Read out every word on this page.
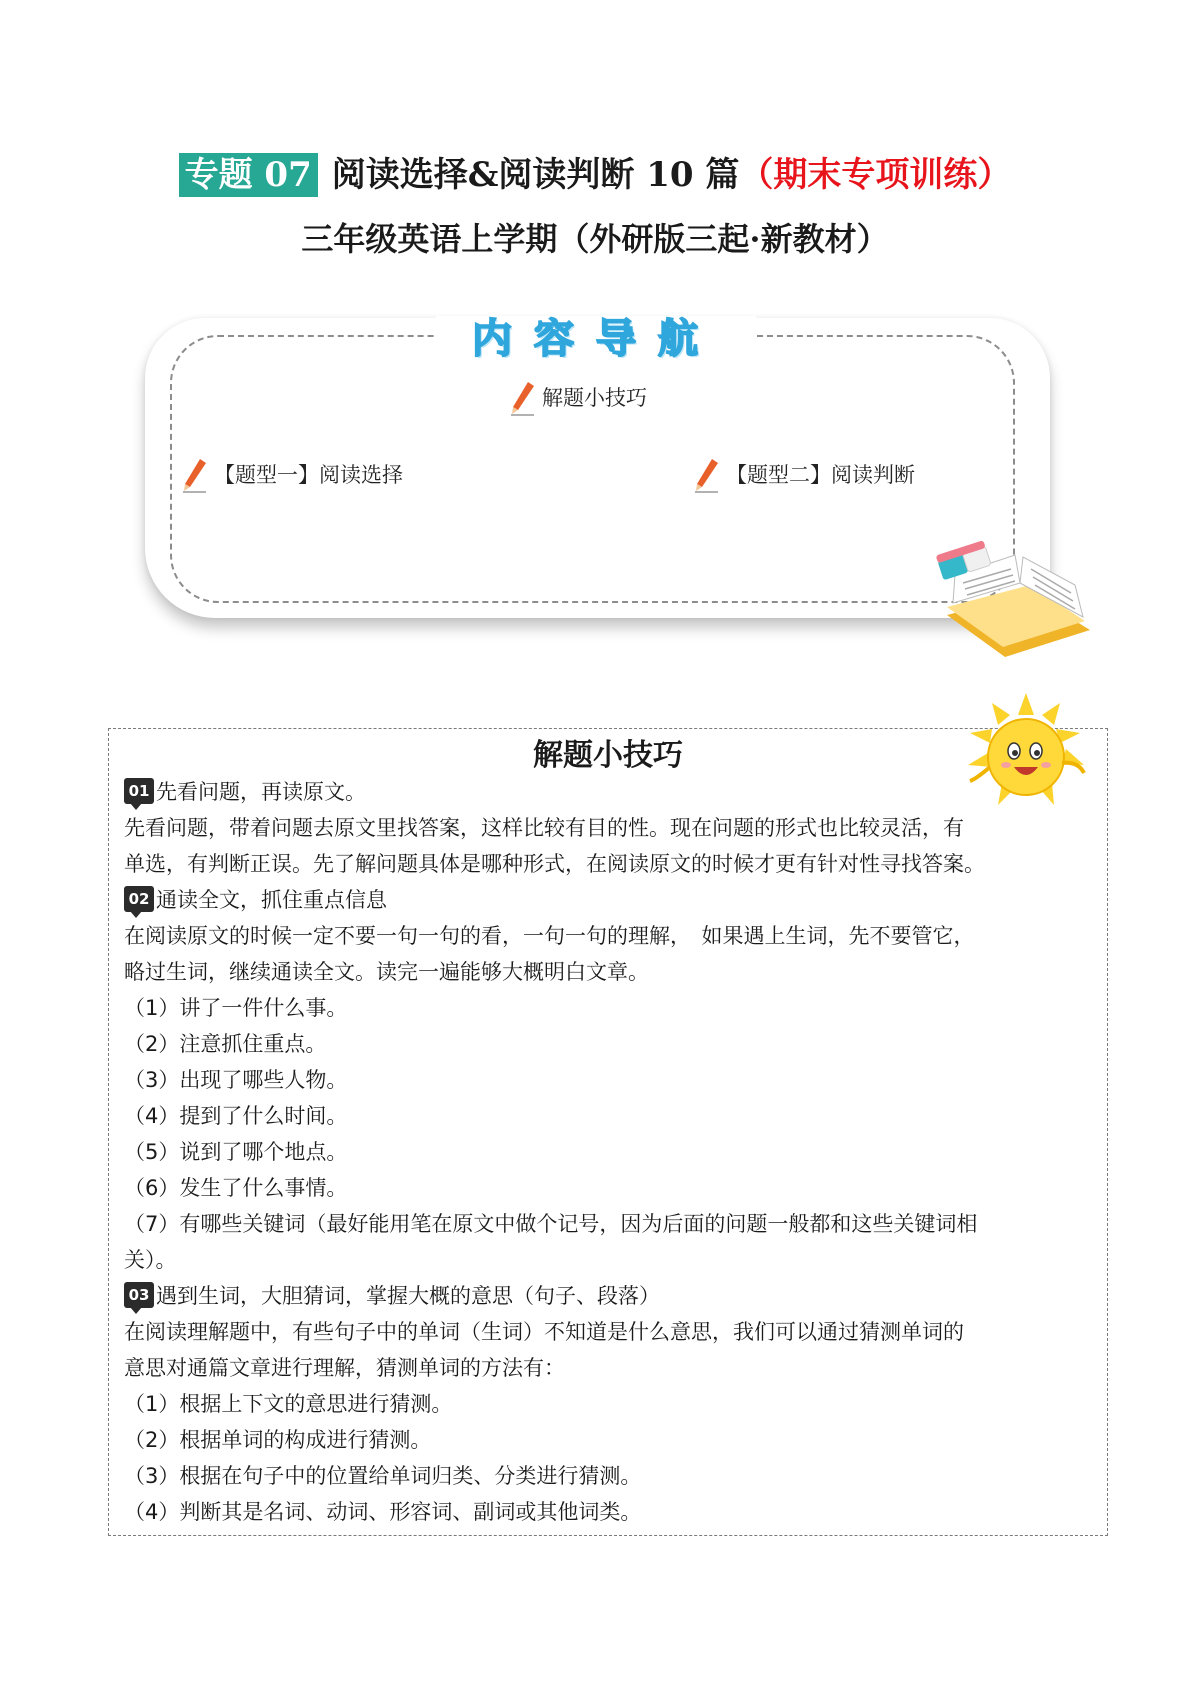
专题 07 阅读选择&阅读判断 10 篇（期末专项训练）
三年级英语上学期（外研版三起·新教材）
内容导航
解题小技巧
【题型一】阅读选择	【题型二】阅读判断
解题小技巧

01 先看问题，再读原文。

先看问题，带着问题去原文里找答案，这样比较有目的性。现在问题的形式也比较灵活，有

单选，有判断正误。先了解问题具体是哪种形式，在阅读原文的时候才更有针对性寻找答案。

02 通读全文，抓住重点信息

在阅读原文的时候一定不要一句一句的看，一句一句的理解，　如果遇上生词，先不要管它，

略过生词，继续通读全文。读完一遍能够大概明白文章。

（1）讲了一件什么事。

（2）注意抓住重点。

（3）出现了哪些人物。

（4）提到了什么时间。

（5）说到了哪个地点。

（6）发生了什么事情。

（7）有哪些关键词（最好能用笔在原文中做个记号，因为后面的问题一般都和这些关键词相

关）。

03 遇到生词，大胆猜词，掌握大概的意思（句子、段落）

在阅读理解题中，有些句子中的单词（生词）不知道是什么意思，我们可以通过猜测单词的

意思对通篇文章进行理解，猜测单词的方法有：

（1）根据上下文的意思进行猜测。

（2）根据单词的构成进行猜测。

（3）根据在句子中的位置给单词归类、分类进行猜测。

（4）判断其是名词、动词、形容词、副词或其他词类。
